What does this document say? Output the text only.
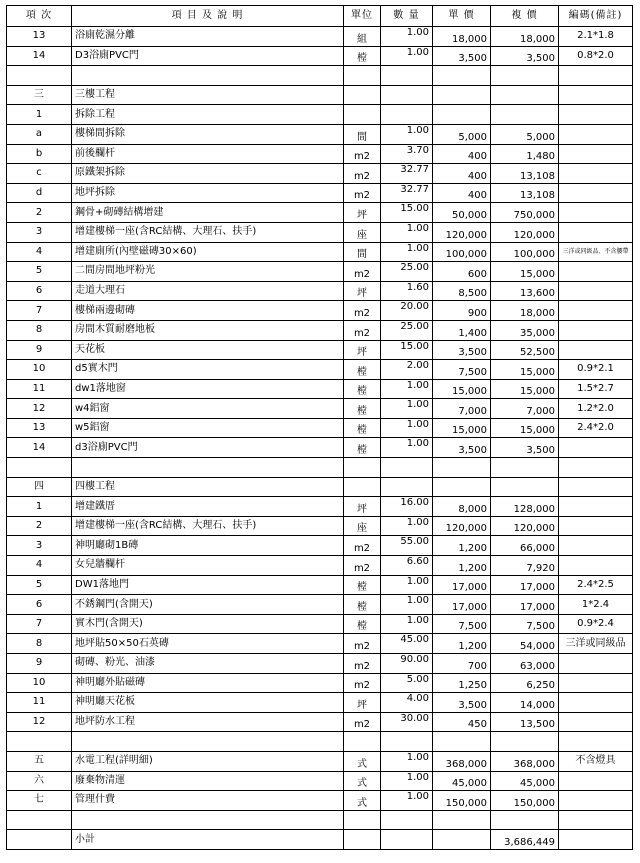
項 次	項 目 及 說 明	單位	數 量	單 價	複 價	編碼(備註)
13	浴廁乾濕分離	組	1.00	18,000	18,000	2.1*1.8
14	D3浴廁PVC門	樘	1.00	3,500	3,500	0.8*2.0

三	三樓工程					
1	拆除工程					
a	樓梯間拆除	間	1.00	5,000	5,000	
b	前後欄杆	m2	3.70	400	1,480	
c	原鐵架拆除	m2	32.77	400	13,108	
d	地坪拆除	m2	32.77	400	13,108	
2	鋼骨+砌磚結構增建	坪	15.00	50,000	750,000	
3	增建樓梯一座(含RC結構、大理石、扶手)	座	1.00	120,000	120,000	
4	增建廁所(內壁磁磚30×60)	間	1.00	100,000	100,000	三洋或同級品、不含腰帶
5	二間房間地坪粉光	m2	25.00	600	15,000	
6	走道大理石	坪	1.60	8,500	13,600	
7	樓梯兩邊砌磚	m2	20.00	900	18,000	
8	房間木質耐磨地板	m2	25.00	1,400	35,000	
9	天花板	坪	15.00	3,500	52,500	
10	d5實木門	樘	2.00	7,500	15,000	0.9*2.1
11	dw1落地窗	樘	1.00	15,000	15,000	1.5*2.7
12	w4鋁窗	樘	1.00	7,000	7,000	1.2*2.0
13	w5鋁窗	樘	1.00	15,000	15,000	2.4*2.0
14	d3浴廁PVC門	樘	1.00	3,500	3,500	

四	四樓工程					
1	增建鐵厝	坪	16.00	8,000	128,000	
2	增建樓梯一座(含RC結構、大理石、扶手)	座	1.00	120,000	120,000	
3	神明廳砌1B磚	m2	55.00	1,200	66,000	
4	女兒牆欄杆	m2	6.60	1,200	7,920	
5	DW1落地門	樘	1.00	17,000	17,000	2.4*2.5
6	不銹鋼門(含開天)	樘	1.00	17,000	17,000	1*2.4
7	實木門(含開天)	樘	1.00	7,500	7,500	0.9*2.4
8	地坪貼50×50石英磚	m2	45.00	1,200	54,000	三洋或同級品
9	砌磚、粉光、油漆	m2	90.00	700	63,000	
10	神明廳外貼磁磚	m2	5.00	1,250	6,250	
11	神明廳天花板	坪	4.00	3,500	14,000	
12	地坪防水工程	m2	30.00	450	13,500	

五	水電工程(詳明細)	式	1.00	368,000	368,000	不含燈具
六	廢棄物清運	式	1.00	45,000	45,000	
七	管理什費	式	1.00	150,000	150,000	

	小計				3,686,449	
